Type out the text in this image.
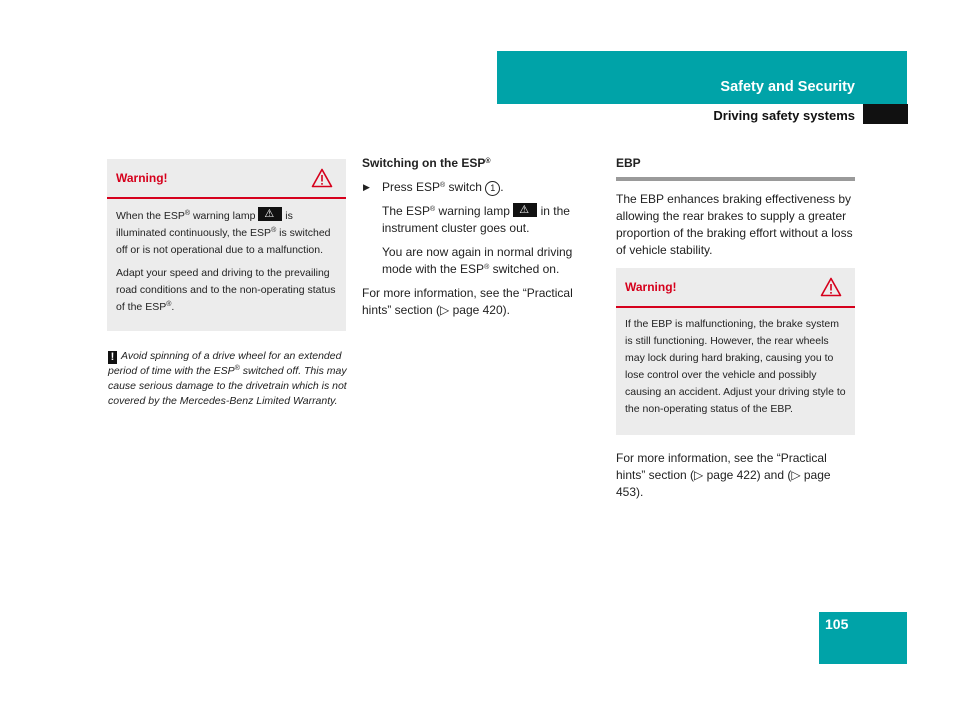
Safety and Security
Driving safety systems
Warning!

When the ESP® warning lamp ⚠ is illuminated continuously, the ESP® is switched off or is not operational due to a malfunction.

Adapt your speed and driving to the prevailing road conditions and to the non-operating status of the ESP®.

! Avoid spinning of a drive wheel for an extended period of time with the ESP® switched off. This may cause serious damage to the drivetrain which is not covered by the Mercedes-Benz Limited Warranty.
Switching on the ESP®
▶ Press ESP® switch 1 .
The ESP® warning lamp ⚠ in the instrument cluster goes out.
You are now again in normal driving mode with the ESP® switched on.

For more information, see the “Practical hints” section (▷ page 420).

EBP
The EBP enhances braking effectiveness by allowing the rear brakes to supply a greater proportion of the braking effort without a loss of vehicle stability.
Warning!

If the EBP is malfunctioning, the brake system is still functioning. However, the rear wheels may lock during hard braking, causing you to lose control over the vehicle and possibly causing an accident. Adjust your driving style to the non-operating status of the EBP.

For more information, see the “Practical hints” section (▷ page 422) and (▷ page 453).
105
